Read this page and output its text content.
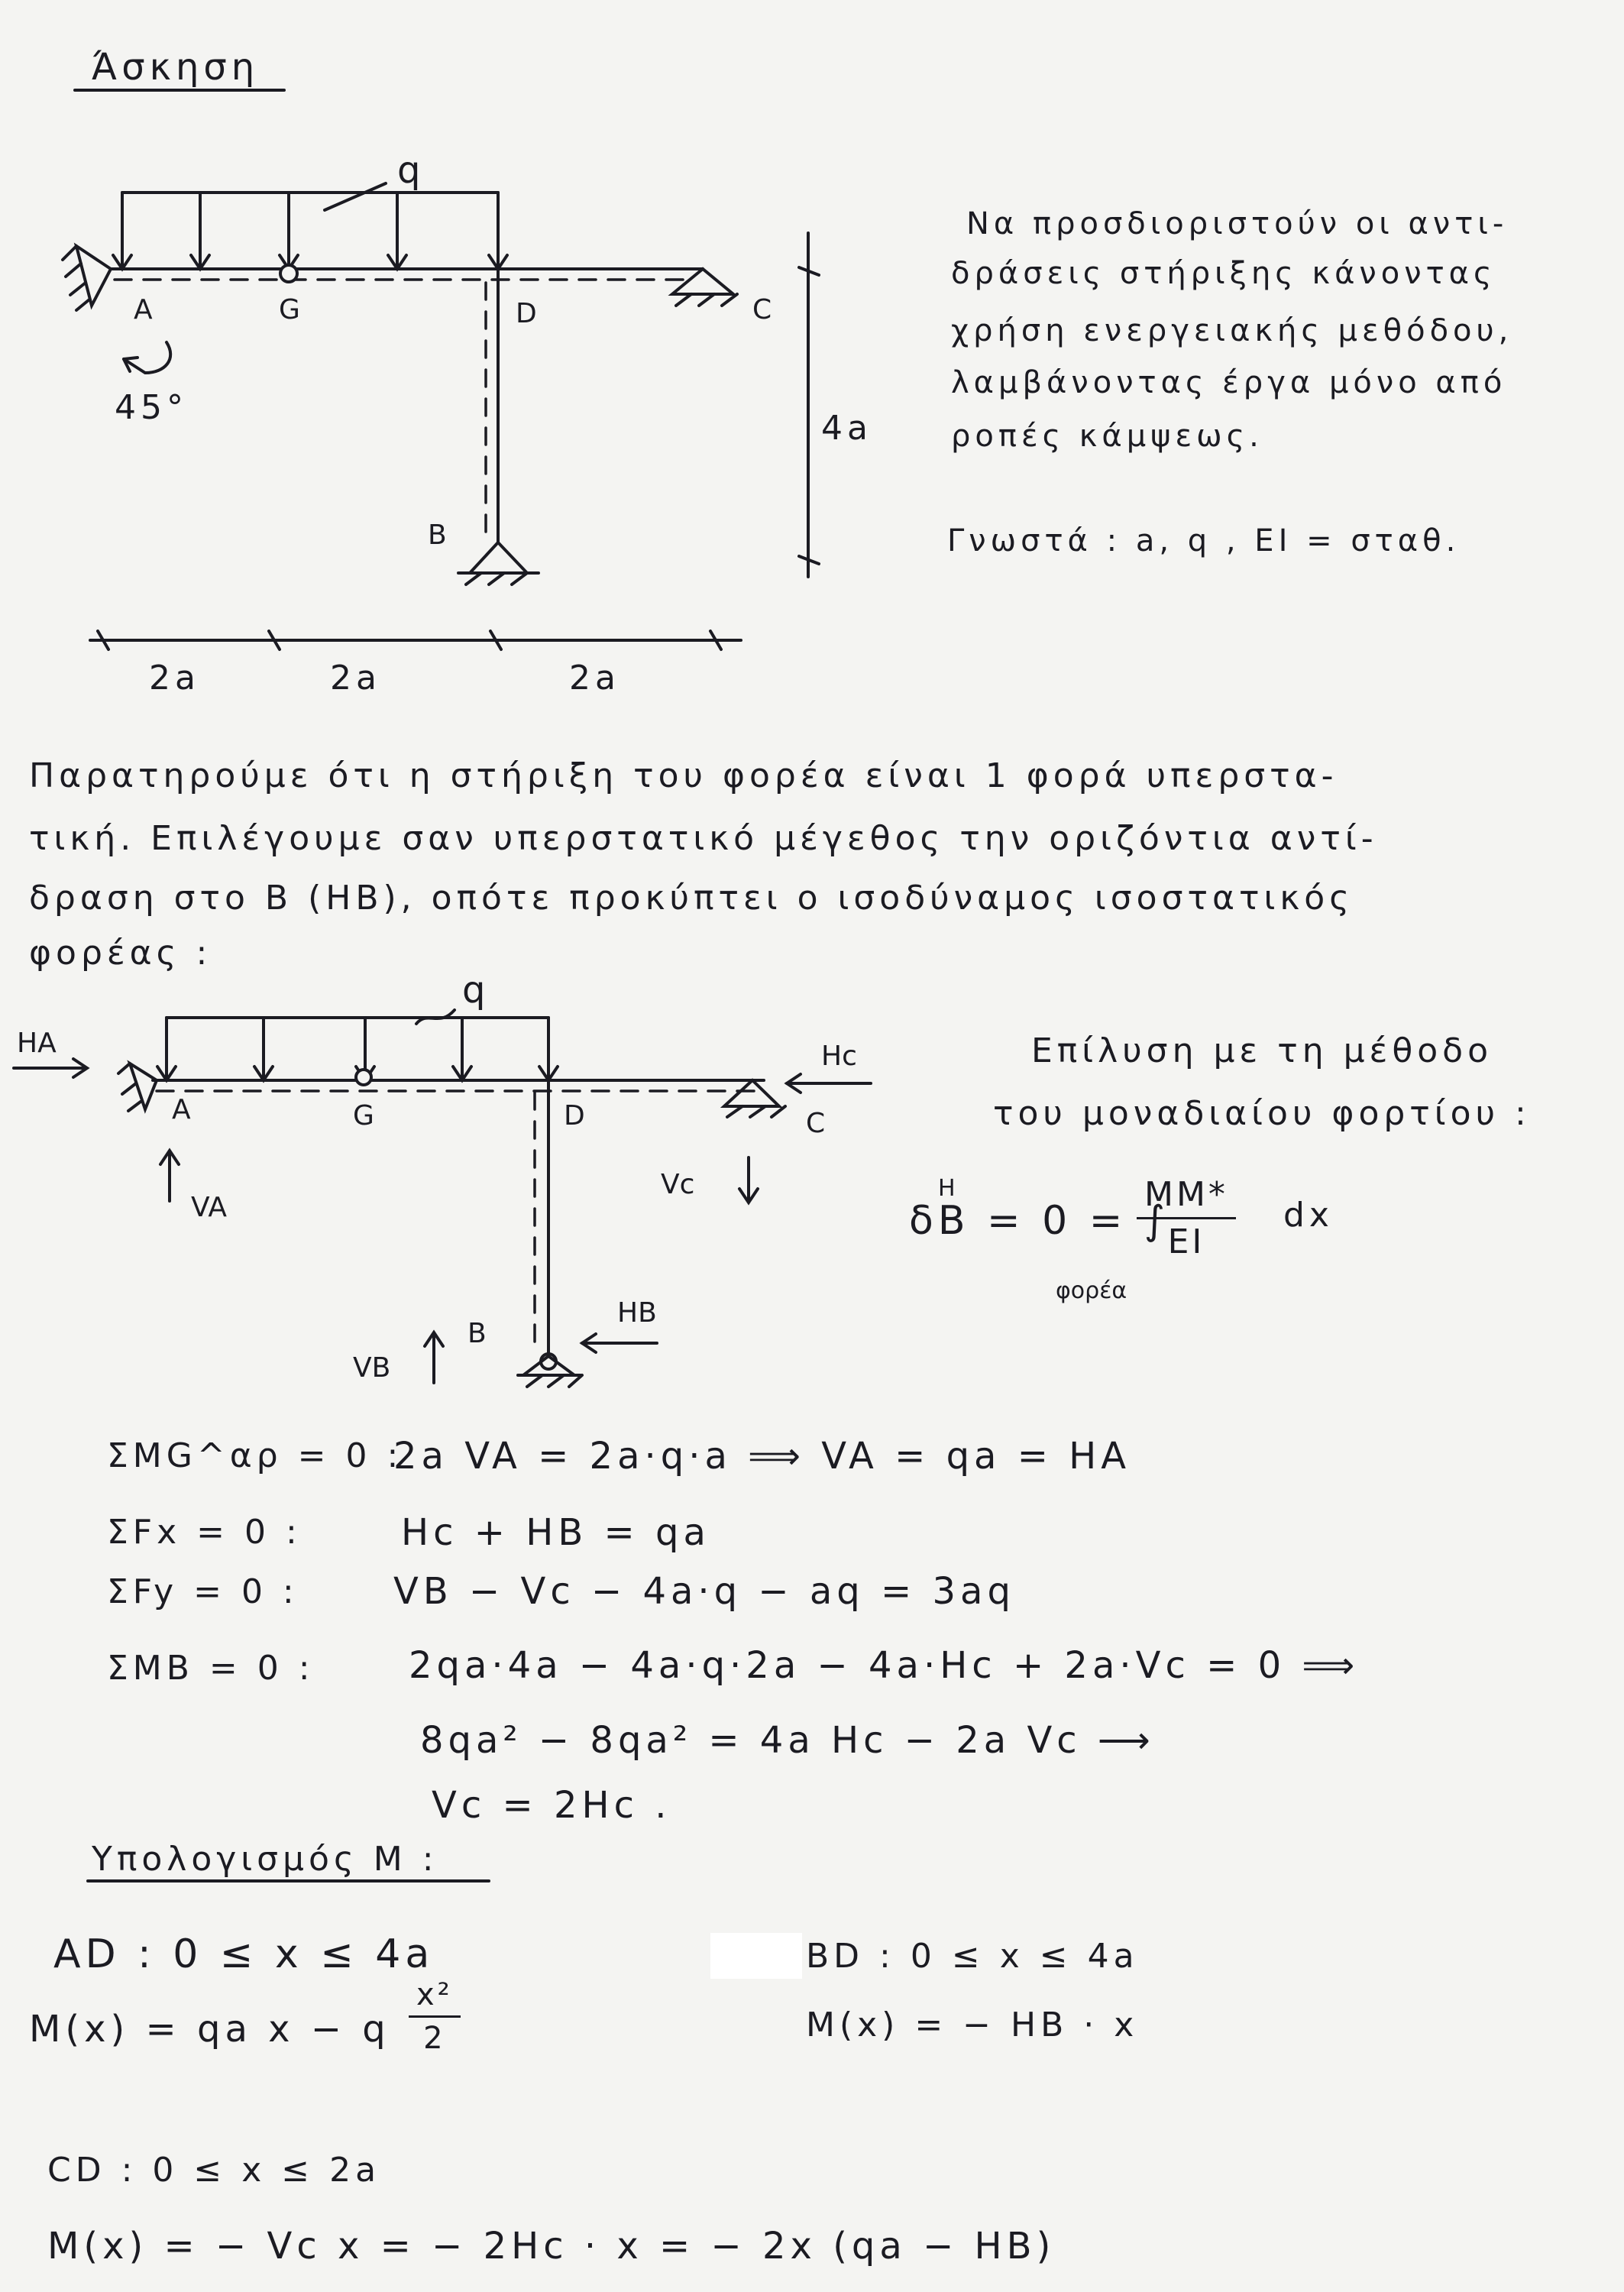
Άσκηση
q
A	G	D	C
B
45°
4a
2a	2a	2a
Να προσδιοριστούν οι αντι-
δράσεις στήριξης κάνοντας
χρήση ενεργειακής μεθόδου,
λαμβάνοντας έργα μόνο από
ροπές κάμψεως.
Γνωστά : a, q , EI = σταθ.
Παρατηρούμε ότι η στήριξη του φορέα είναι 1 φορά υπερστα-
τική. Επιλέγουμε σαν υπερστατικό μέγεθος την οριζόντια αντί-
δραση στο B (HB), οπότε προκύπτει ο ισοδύναμος ισοστατικός
φορέας :
q
HA
A	G	D	C
Hc
VA
Vc
HB
VB
B
Επίλυση με τη μέθοδο
του μοναδιαίου φορτίου :
δB = 0 = ∫
H	$\frac{MM*}{EI}$ dx
φορέα
ΣMG^αρ = 0 :
2a VA = 2a·q·a ⟹ VA = qa = HA
ΣFx = 0 :	Hc + HB = qa
ΣFy = 0 :	VB − Vc − 4a·q − aq = 3aq
ΣMB = 0 :	2qa·4a − 4a·q·2a − 4a·Hc + 2a·Vc = 0 ⟹
8qa² − 8qa² = 4a Hc − 2a Vc ⟶
Vc = 2Hc .
Υπολογισμός M :
AD : 0 ≤ x ≤ 4a
M(x) = qa x − q $\frac{\text{x²}}{2}$
BD : 0 ≤ x ≤ 4a
M(x) = − HB · x
CD : 0 ≤ x ≤ 2a
M(x) = − Vc x = − 2Hc · x = − 2x (qa − HB)
